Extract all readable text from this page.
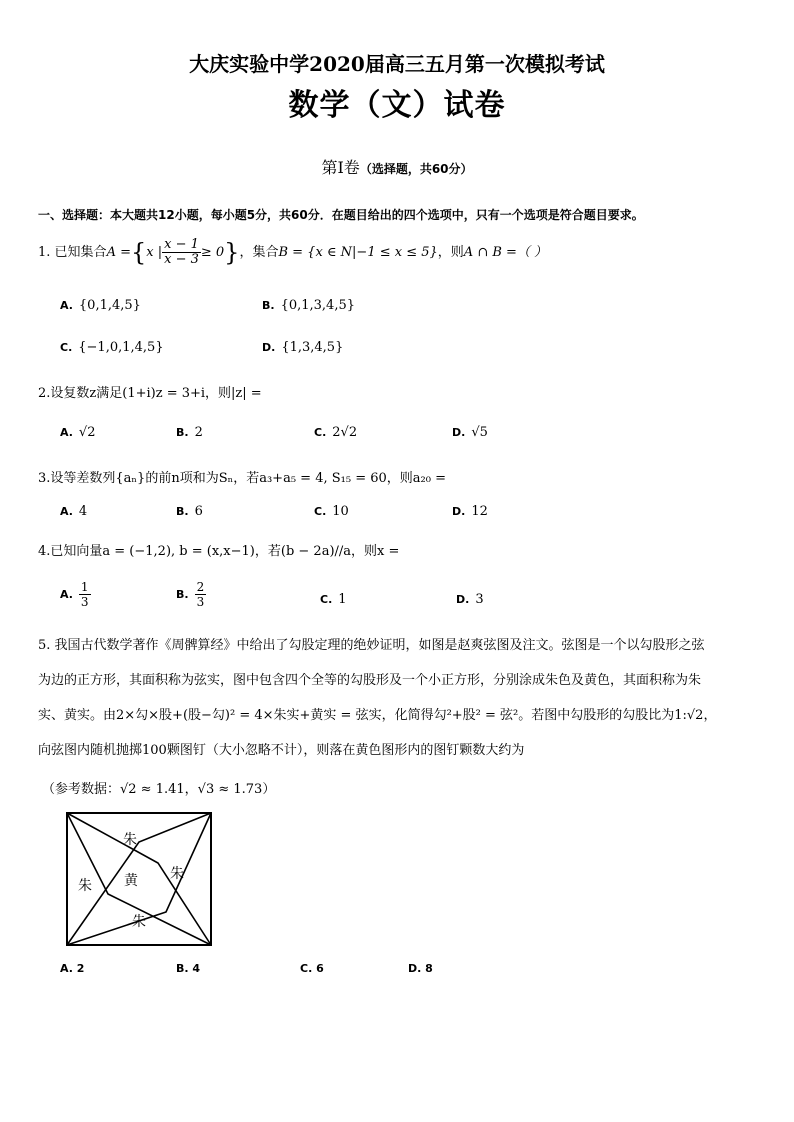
大庆实验中学2020届高三五月第一次模拟考试
数学（文）试卷
第Ⅰ卷（选择题，共60分）
一、选择题：本大题共12小题，每小题5分，共60分．在题目给出的四个选项中，只有一个选项是符合题目要求。
1. 已知集合A ={x | $\frac{x - 1}{x - 3} \ge 0$}，集合B = {x ∈ N|−1 ≤ x ≤ 5}，则A ∩ B =（ ）
A. {0,1,4,5}	B. {0,1,3,4,5}
C. {−1,0,1,4,5}	D. {1,3,4,5}
2.设复数z满足(1+i)z = 3+i，则|z| =
A. √2	B. 2	C. 2√2	D. √5
3.设等差数列{aₙ}的前n项和为Sₙ，若a₃+a₅ = 4, S₁₅ = 60，则a₂₀ =
A. 4	B. 6	C. 10	D. 12
4.已知向量a = (−1,2), b = (x,x−1)，若(b − 2a)//a，则x =
A. $\frac{1}{3}$	B. $\frac{2}{3}$	C. 1	D. 3
5. 我国古代数学著作《周髀算经》中给出了勾股定理的绝妙证明，如图是赵爽弦图及注文。弦图是一个以勾股形之弦
为边的正方形，其面积称为弦实，图中包含四个全等的勾股形及一个小正方形，分别涂成朱色及黄色，其面积称为朱
实、黄实。由2×勾×股+(股−勾)² = 4×朱实+黄实 = 弦实，化简得勾²+股² = 弦²。若图中勾股形的勾股比为1:√2，
向弦图内随机抛掷100颗图钉（大小忽略不计），则落在黄色图形内的图钉颗数大约为
（参考数据：√2 ≈ 1.41，√3 ≈ 1.73）
朱
朱 黄 朱
朱
A. 2	B. 4	C. 6	D. 8
